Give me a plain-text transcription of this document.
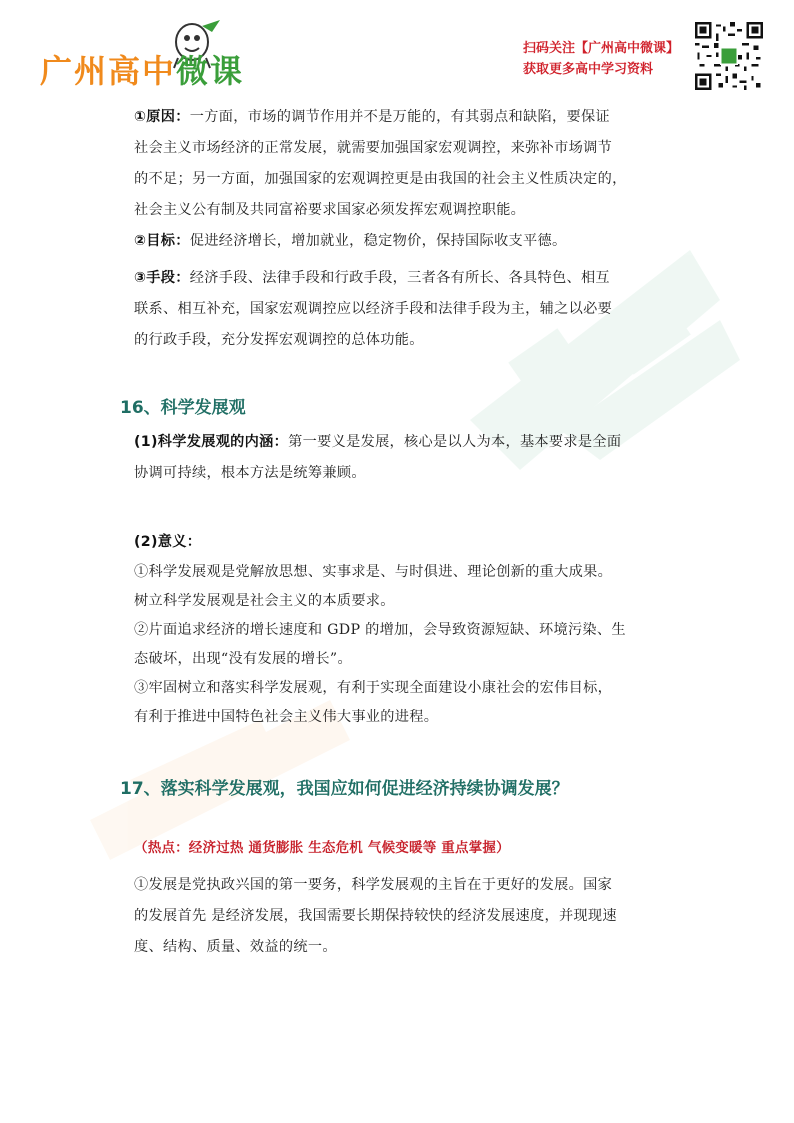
广州高中微课
扫码关注【广州高中微课】
获取更多高中学习资料
①原因：一方面，市场的调节作用并不是万能的，有其弱点和缺陷，要保证
社会主义市场经济的正常发展，就需要加强国家宏观调控，来弥补市场调节
的不足；另一方面，加强国家的宏观调控更是由我国的社会主义性质决定的，
社会主义公有制及共同富裕要求国家必须发挥宏观调控职能。
②目标：促进经济增长，增加就业，稳定物价，保持国际收支平德。
③手段：经济手段、法律手段和行政手段，三者各有所长、各具特色、相互
联系、相互补充，国家宏观调控应以经济手段和法律手段为主，辅之以必要
的行政手段，充分发挥宏观调控的总体功能。
16、科学发展观
(1)科学发展观的内涵：第一要义是发展，核心是以人为本，基本要求是全面
协调可持续，根本方法是统筹兼顾。
(2)意义：
①科学发展观是党解放思想、实事求是、与时俱进、理论创新的重大成果。
树立科学发展观是社会主义的本质要求。
②片面追求经济的增长速度和 GDP 的增加，会导致资源短缺、环境污染、生
态破坏，出现“没有发展的增长”。
③牢固树立和落实科学发展观，有利于实现全面建设小康社会的宏伟目标，
有利于推进中国特色社会主义伟大事业的进程。
17、落实科学发展观，我国应如何促进经济持续协调发展？
（热点：经济过热 通货膨胀 生态危机 气候变暖等 重点掌握）
①发展是党执政兴国的第一要务，科学发展观的主旨在于更好的发展。国家
的发展首先 是经济发展，我国需要长期保持较快的经济发展速度，并现现速
度、结构、质量、效益的统一。
